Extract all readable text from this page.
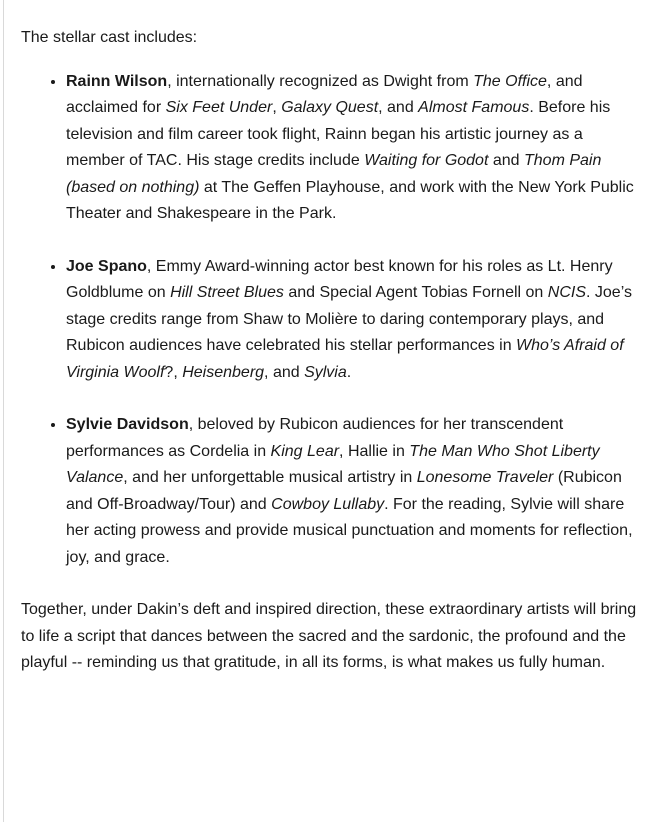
The stellar cast includes:

• Rainn Wilson, internationally recognized as Dwight from The Office, and acclaimed for Six Feet Under, Galaxy Quest, and Almost Famous. Before his television and film career took flight, Rainn began his artistic journey as a member of TAC. His stage credits include Waiting for Godot and Thom Pain (based on nothing) at The Geffen Playhouse, and work with the New York Public Theater and Shakespeare in the Park.
• Joe Spano, Emmy Award-winning actor best known for his roles as Lt. Henry Goldblume on Hill Street Blues and Special Agent Tobias Fornell on NCIS. Joe’s stage credits range from Shaw to Molière to daring contemporary plays, and Rubicon audiences have celebrated his stellar performances in Who’s Afraid of Virginia Woolf?, Heisenberg, and Sylvia.
• Sylvie Davidson, beloved by Rubicon audiences for her transcendent performances as Cordelia in King Lear, Hallie in The Man Who Shot Liberty Valance, and her unforgettable musical artistry in Lonesome Traveler (Rubicon and Off-Broadway/Tour) and Cowboy Lullaby. For the reading, Sylvie will share her acting prowess and provide musical punctuation and moments for reflection, joy, and grace.

Together, under Dakin’s deft and inspired direction, these extraordinary artists will bring to life a script that dances between the sacred and the sardonic, the profound and the playful -- reminding us that gratitude, in all its forms, is what makes us fully human.
